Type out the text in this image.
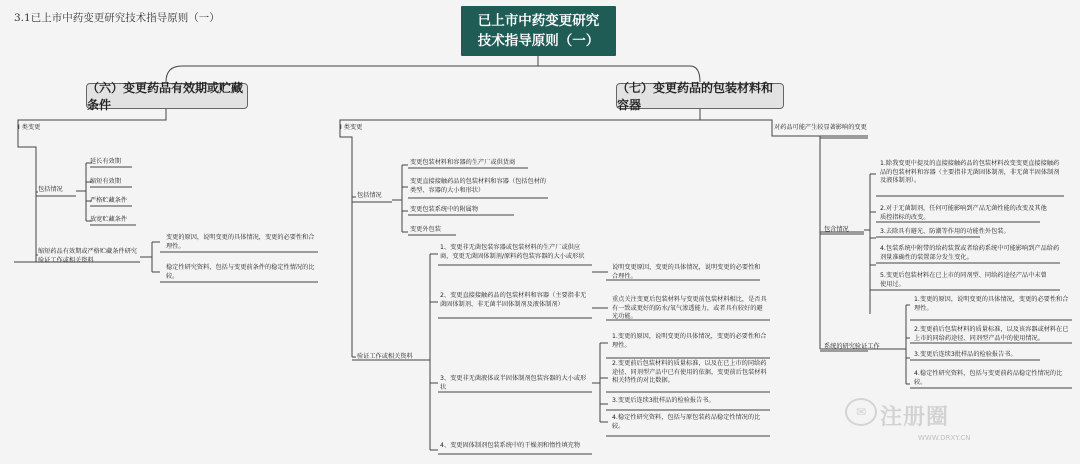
3.1已上市中药变更研究技术指导原则（一）	已上市中药变更研究
技术指导原则（一）
（六）变更药品有效期或贮藏条件
I 类变更
包括情况
延长有效期
缩短有效期
严格贮藏条件
放宽贮藏条件
缩短药品有效期或严格贮藏条件研究验证工作或相关资料
变更的原因，说明变更的具体情况，变更的必要性和合理性。
稳定性研究资料，包括与变更前条件的稳定性情况的比较。
（七）变更药品的包装材料和容器
I 类变更
包括情况
变更包装材料和容器的生产厂或供货商
变更直接接触药品的包装材料和容器（包括包材的类型、容器的大小和形状）
变更包装系统中的附属物
变更外包装
验证工作或相关资料
1、变更非无菌包装容器或包装材料的生产厂或供应商，变更无菌固体制剂/原料药包装容器的大小或形状
说明变更原因，变更的具体情况，说明变更的必要性和合理性。
2、变更直接接触药品的包装材料和容器（主要指非无菌固体制剂、非无菌半固体制剂及液体制剂）
重点关注变更后包装材料与变更前包装材料相比，是否具有一致或更好的防水/氧气渗透能力，或者具有较好的避光功能。
3、变更非无菌液体或半固体制剂包装容器的大小或形状
1.变更的原因，说明变更的具体情况，变更的必要性和合理性。
2.变更前后包装材料的质量标准，以及在已上市的同给药途径、同剂型产品中已有使用的依据，变更前后包装材料相关特性的对比数据。
3.变更后连续3批样品的检验报告书。
4.稳定性研究资料，包括与原包装药品稳定性情况的比较。
4、变更固体制剂包装系统中的干燥剂和惰性填充物
对药品可能产生较显著影响的变更
包含情况
1.除我变更中提及的直接接触药品的包装材料改变变更直接接触药品的包装材料和容器（主要指非无菌固体制剂，非无菌半固体制剂及液体制剂）。
2.对于无菌制剂，任何可能影响到产品无菌性能的改变及其他质控指标的改变。
3.去除具有避光、防潮等作用的功能性外包装。
4.包装系统中附带的给药装置或者给药系统中可能影响到产品给药剂量准确性的装置部分发生变化。
5.变更后包装材料在已上市的同剂型、同给药途径产品中未曾使用过。
系统的研究验证工作
1.变更的原因，说明变更的具体情况，变更的必要性和合理性。
2.变更前后包装材料的质量标准，以及该容器或材料在已上市的同给药途径、同剂型产品中的使用情况。
3.变更后连续3批样品的检验报告书。
4.稳定性研究资料，包括与变更前药品稳定性情况的比较。
✉ 注册圈
WWW.DRXY.CN
